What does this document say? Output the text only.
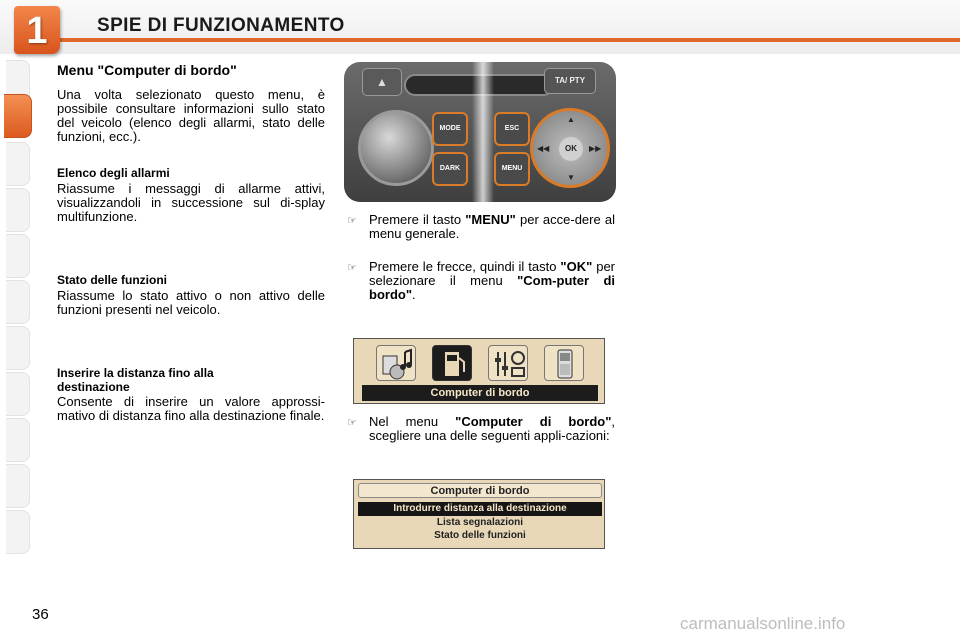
1	SPIE DI FUNZIONAMENTO
Menu "Computer di bordo"
Una volta selezionato questo menu, è possibile consultare informazioni sullo stato del veicolo (elenco degli allarmi, stato delle funzioni, ecc.).
Elenco degli allarmi
Riassume i messaggi di allarme attivi, visualizzandoli in successione sul di-splay multifunzione.
Stato delle funzioni
Riassume lo stato attivo o non attivo delle funzioni presenti nel veicolo.
Inserire la distanza fino alla destinazione
Consente di inserire un valore approssi-mativo di distanza fino alla destinazione finale.
▲	TA/ PTY
MODE
DARK
ESC
MENU
▲
▼
◀◀	▶▶
OK
☞ Premere il tasto "MENU" per acce-dere al menu generale.
☞ Premere le frecce, quindi il tasto "OK" per selezionare il menu "Com-puter di bordo".
Computer di bordo
☞ Nel menu "Computer di bordo", scegliere una delle seguenti appli-cazioni:
Computer di bordo
Introdurre distanza alla destinazione
Lista segnalazioni
Stato delle funzioni
36	carmanualsonline.info
